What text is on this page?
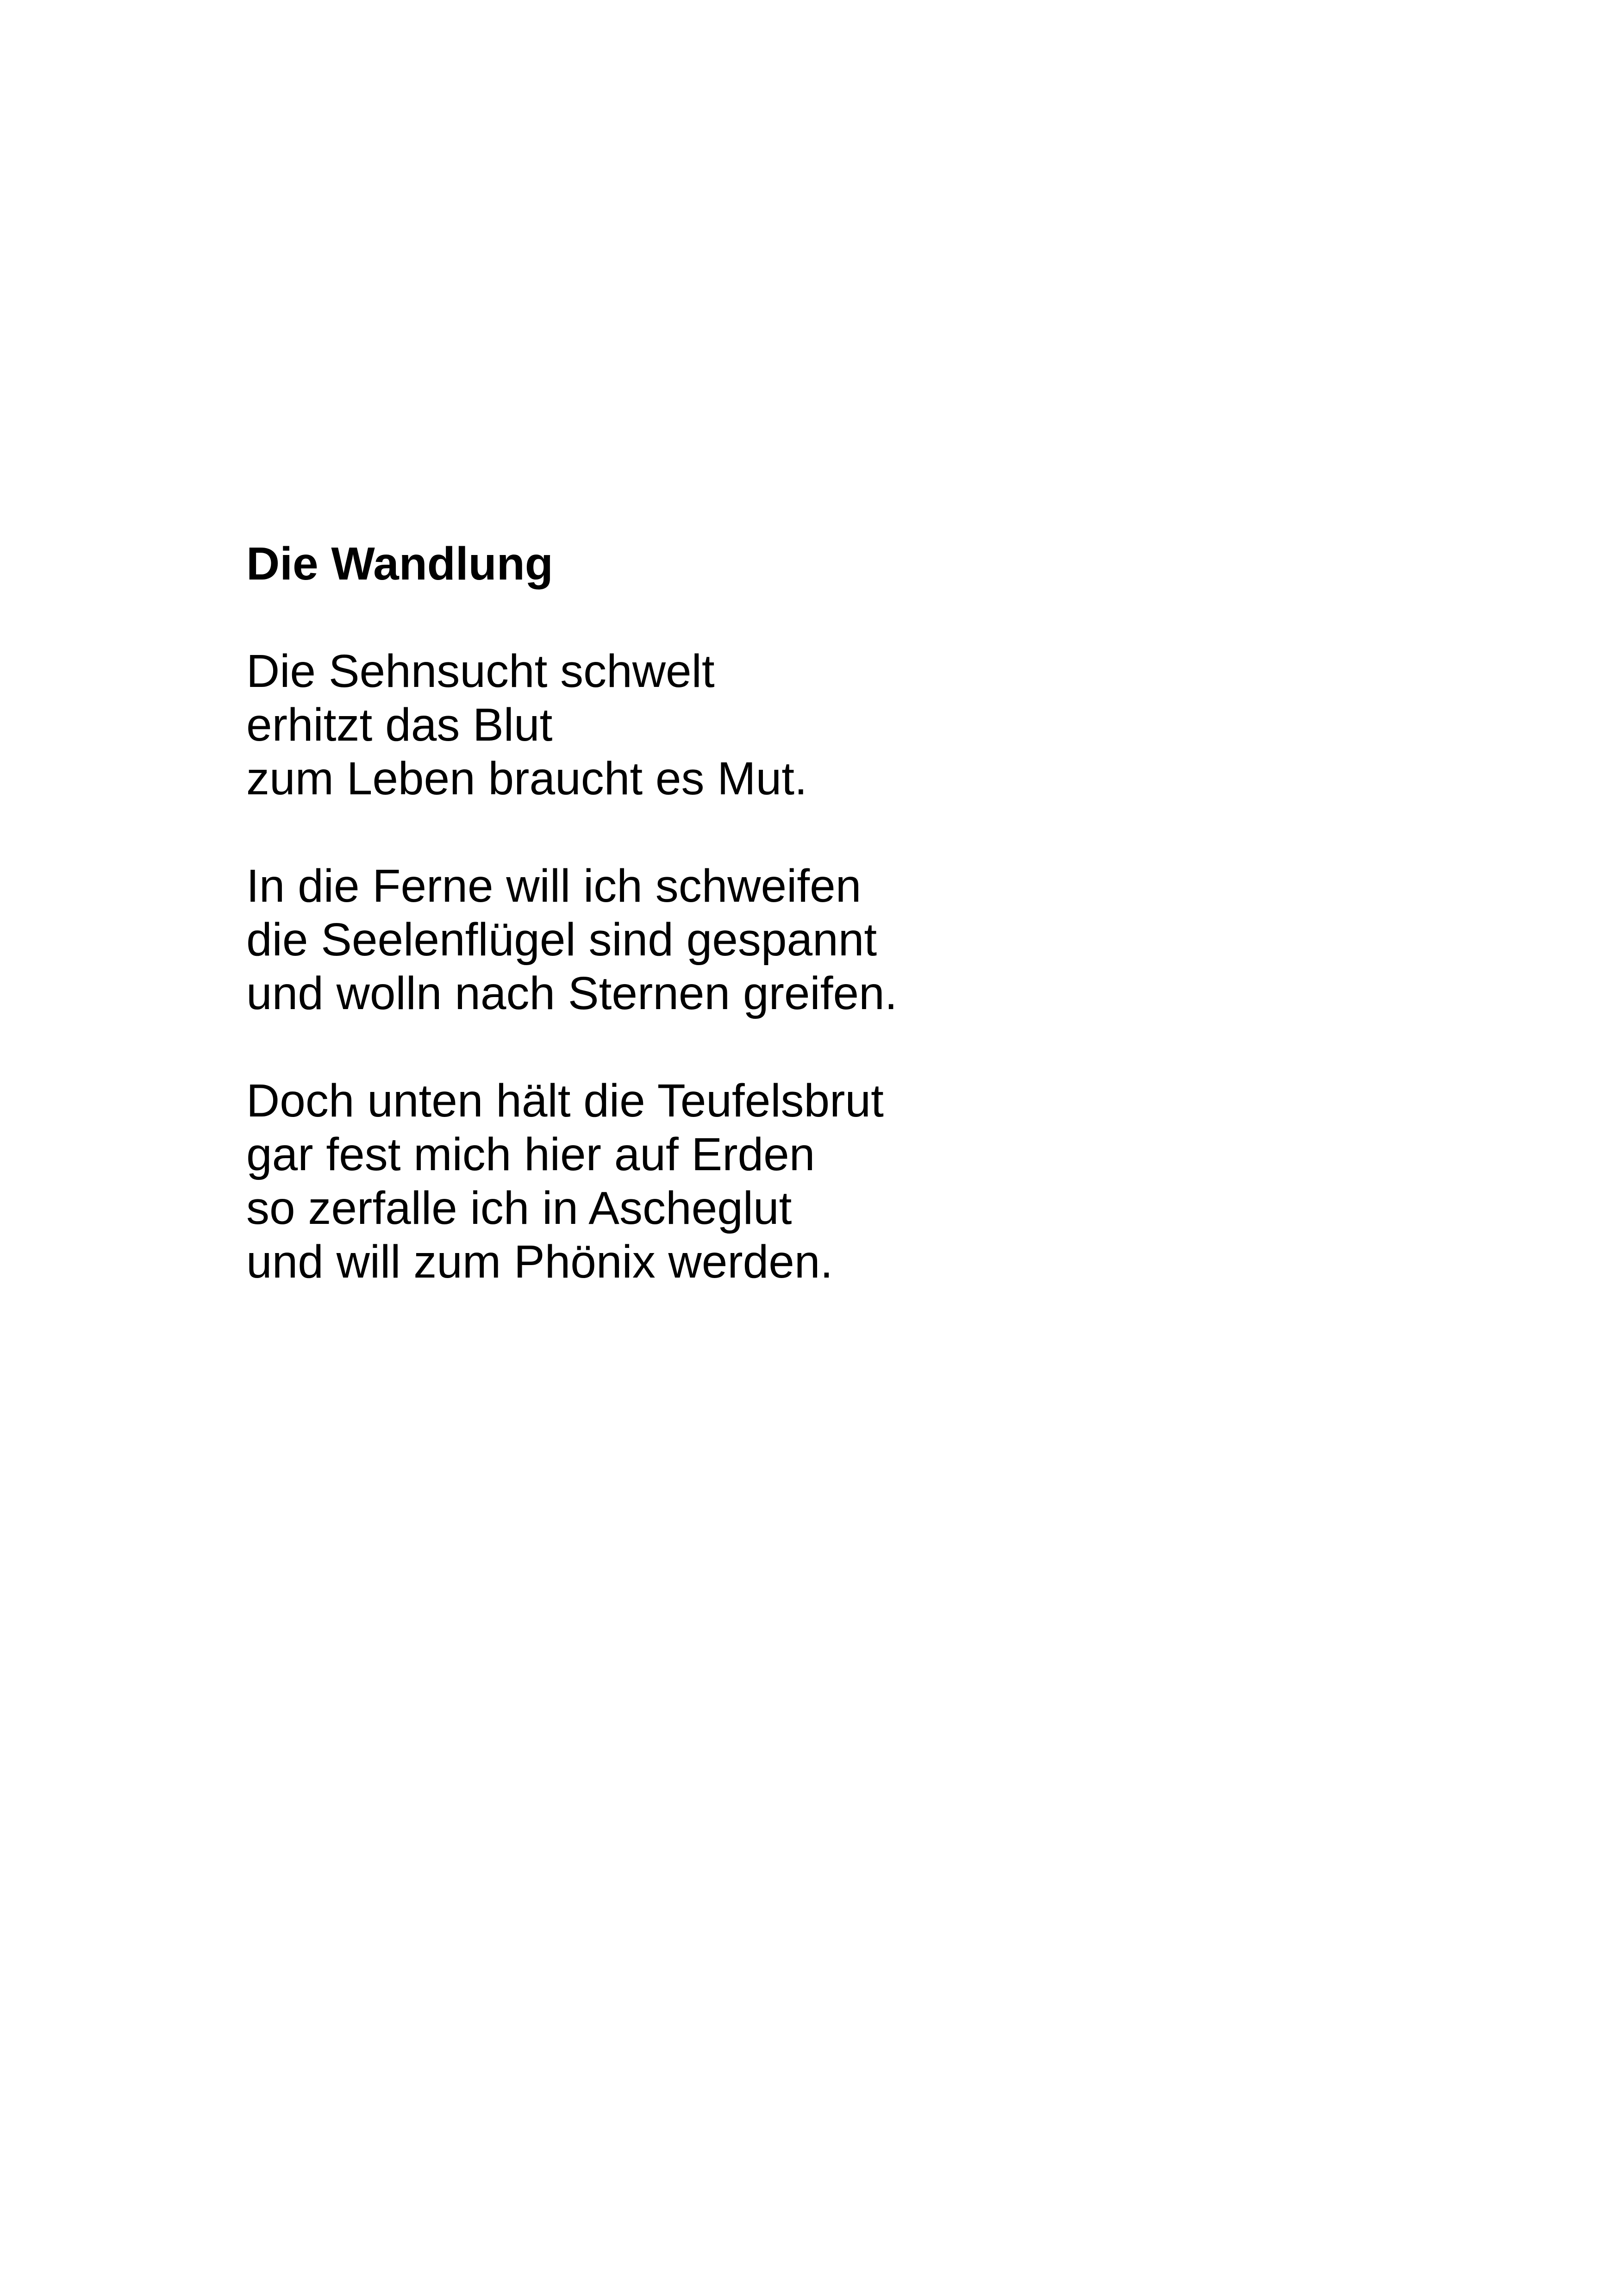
Die Wandlung
Die Sehnsucht schwelt
erhitzt das Blut
zum Leben braucht es Mut.
In die Ferne will ich schweifen
die Seelenflügel sind gespannt
und wolln nach Sternen greifen.
Doch unten hält die Teufelsbrut
gar fest mich hier auf Erden
so zerfalle ich in Ascheglut
und will zum Phönix werden.
